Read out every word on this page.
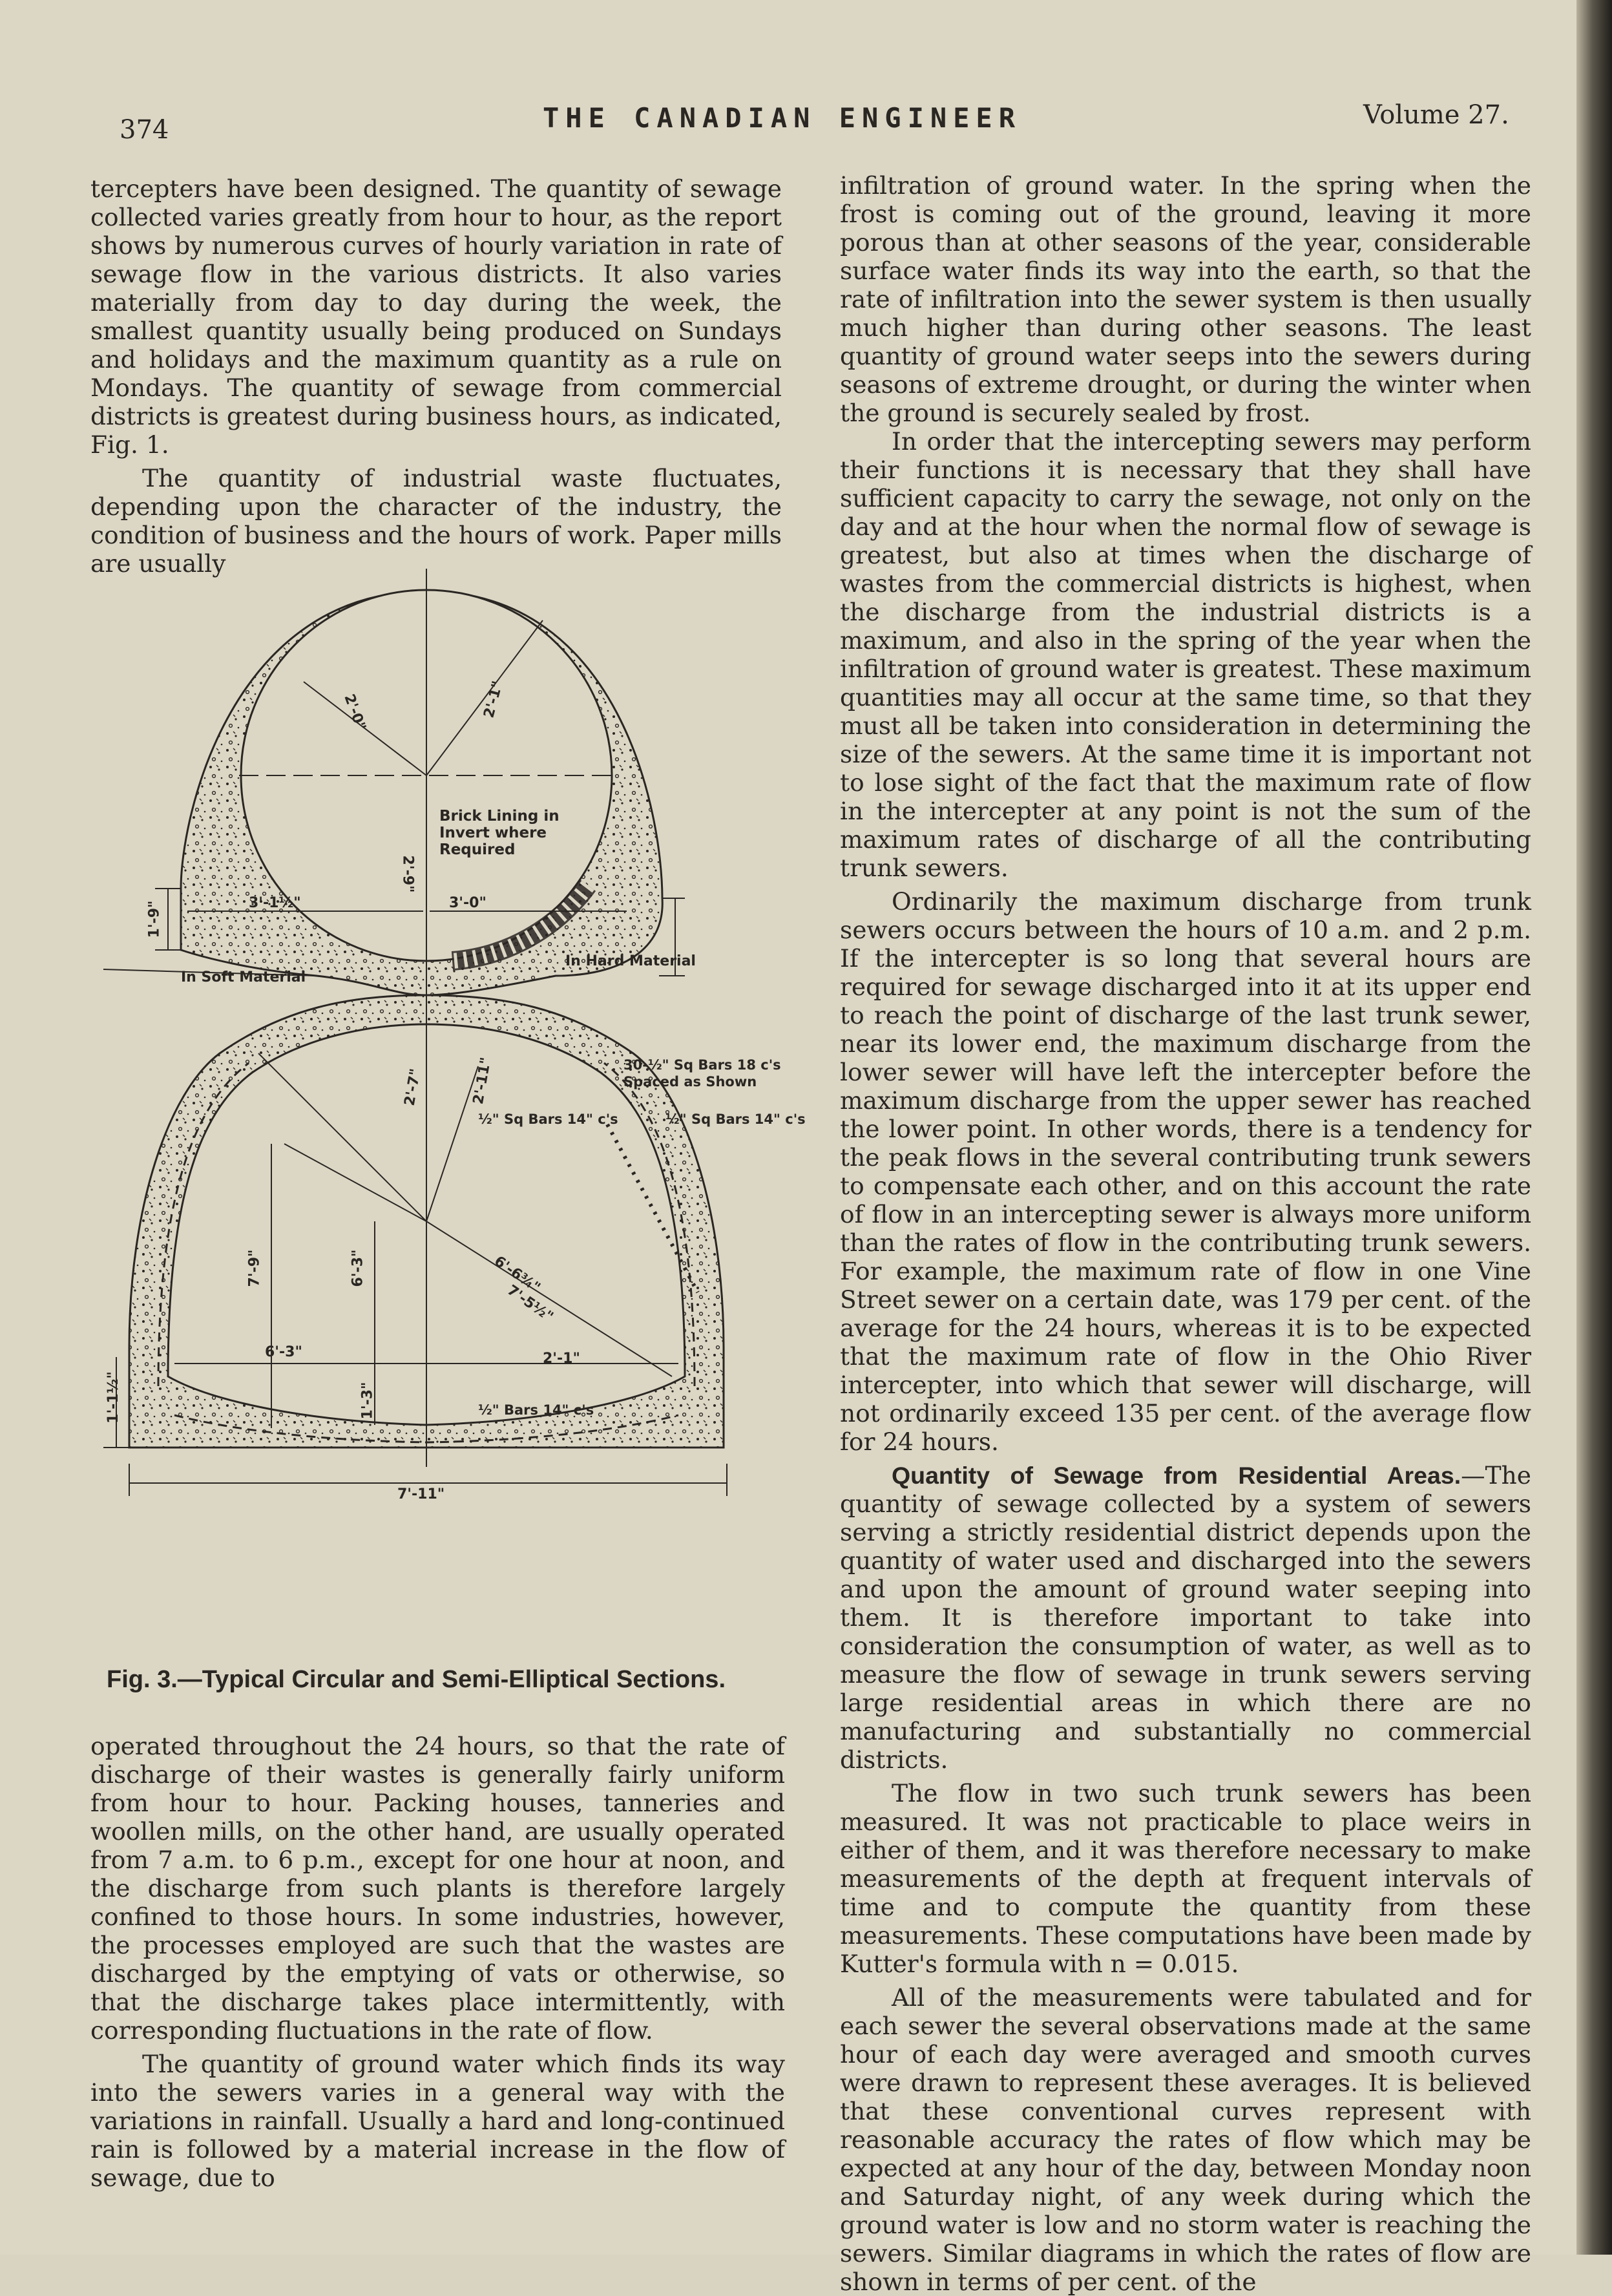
374	THE CANADIAN ENGINEER	Volume 27.

tercepters have been designed. The quantity of sewage collected varies greatly from hour to hour, as the report shows by numerous curves of hourly variation in rate of sewage flow in the various districts. It also varies materially from day to day during the week, the smallest quantity usually being produced on Sundays and holidays and the maximum quantity as a rule on Mondays. The quantity of sewage from commercial districts is greatest during business hours, as indicated, Fig. 1.

The quantity of industrial waste fluctuates, depending upon the character of the industry, the condition of business and the hours of work. Paper mills are usually

Brick Lining in Invert where Required
In Soft Material
In Hard Material
2'-0"	2'-1"
3'-1½"	3'-0"
2'-9"
1'-9"
30-½" Sq Bars 18 c's Spaced as Shown
½" Sq Bars 14" c's	½" Sq Bars 14" c's
½" Bars 14" c's
2'-7"	2'-11"
7'-9"	6'-3"	6'-6¾"
7'-5½"
6'-3"	2'-1"
1'-1½"	1'-3"
7'-11"
Fig. 3.—Typical Circular and Semi-Elliptical Sections.

operated throughout the 24 hours, so that the rate of discharge of their wastes is generally fairly uniform from hour to hour. Packing houses, tanneries and woollen mills, on the other hand, are usually operated from 7 a.m. to 6 p.m., except for one hour at noon, and the discharge from such plants is therefore largely confined to those hours. In some industries, however, the processes employed are such that the wastes are discharged by the emptying of vats or otherwise, so that the discharge takes place intermittently, with corresponding fluctuations in the rate of flow.

The quantity of ground water which finds its way into the sewers varies in a general way with the variations in rainfall. Usually a hard and long-continued rain is followed by a material increase in the flow of sewage, due to

infiltration of ground water. In the spring when the frost is coming out of the ground, leaving it more porous than at other seasons of the year, considerable surface water finds its way into the earth, so that the rate of infiltration into the sewer system is then usually much higher than during other seasons. The least quantity of ground water seeps into the sewers during seasons of extreme drought, or during the winter when the ground is securely sealed by frost.

In order that the intercepting sewers may perform their functions it is necessary that they shall have sufficient capacity to carry the sewage, not only on the day and at the hour when the normal flow of sewage is greatest, but also at times when the discharge of wastes from the commercial districts is highest, when the discharge from the industrial districts is a maximum, and also in the spring of the year when the infiltration of ground water is greatest. These maximum quantities may all occur at the same time, so that they must all be taken into consideration in determining the size of the sewers. At the same time it is important not to lose sight of the fact that the maximum rate of flow in the intercepter at any point is not the sum of the maximum rates of discharge of all the contributing trunk sewers.

Ordinarily the maximum discharge from trunk sewers occurs between the hours of 10 a.m. and 2 p.m. If the intercepter is so long that several hours are required for sewage discharged into it at its upper end to reach the point of discharge of the last trunk sewer, near its lower end, the maximum discharge from the lower sewer will have left the intercepter before the maximum discharge from the upper sewer has reached the lower point. In other words, there is a tendency for the peak flows in the several contributing trunk sewers to compensate each other, and on this account the rate of flow in an intercepting sewer is always more uniform than the rates of flow in the contributing trunk sewers. For example, the maximum rate of flow in one Vine Street sewer on a certain date, was 179 per cent. of the average for the 24 hours, whereas it is to be expected that the maximum rate of flow in the Ohio River intercepter, into which that sewer will discharge, will not ordinarily exceed 135 per cent. of the average flow for 24 hours.

Quantity of Sewage from Residential Areas.—The quantity of sewage collected by a system of sewers serving a strictly residential district depends upon the quantity of water used and discharged into the sewers and upon the amount of ground water seeping into them. It is therefore important to take into consideration the consumption of water, as well as to measure the flow of sewage in trunk sewers serving large residential areas in which there are no manufacturing and substantially no commercial districts.

The flow in two such trunk sewers has been measured. It was not practicable to place weirs in either of them, and it was therefore necessary to make measurements of the depth at frequent intervals of time and to compute the quantity from these measurements. These computations have been made by Kutter's formula with n = 0.015.

All of the measurements were tabulated and for each sewer the several observations made at the same hour of each day were averaged and smooth curves were drawn to represent these averages. It is believed that these conventional curves represent with reasonable accuracy the rates of flow which may be expected at any hour of the day, between Monday noon and Saturday night, of any week during which the ground water is low and no storm water is reaching the sewers. Similar diagrams in which the rates of flow are shown in terms of per cent. of the
